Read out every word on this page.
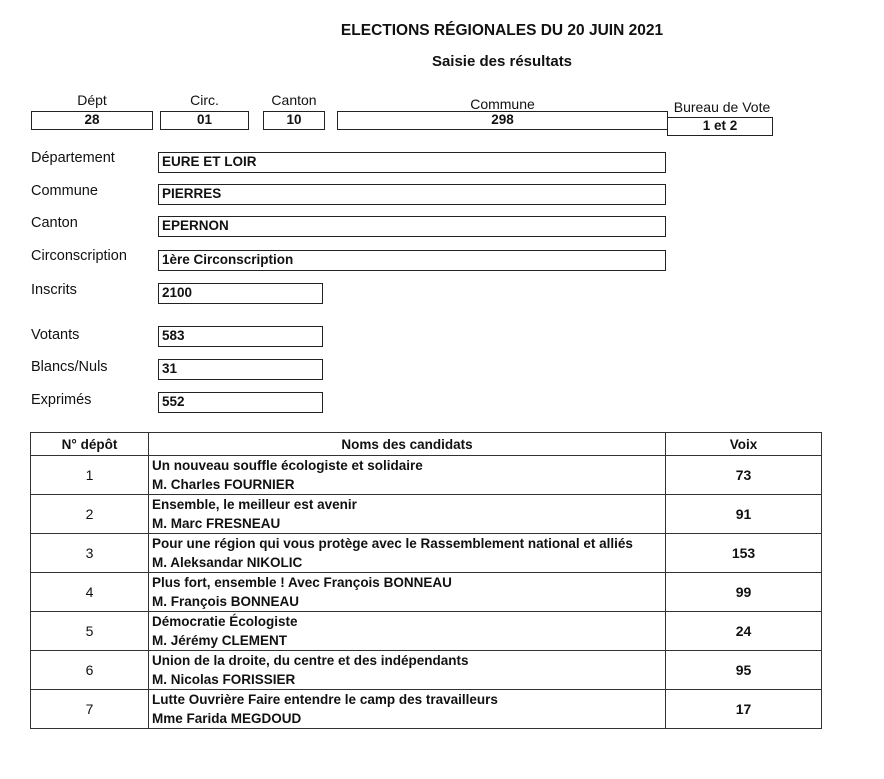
ELECTIONS RÉGIONALES DU 20 JUIN 2021
Saisie des résultats
Dépt
28
Circ.
01
Canton
10
Commune
298
Bureau de Vote
1 et 2
Département	EURE ET LOIR
Commune	PIERRES
Canton	EPERNON
Circonscription	1ère Circonscription
Inscrits	2100
Votants	583
Blancs/Nuls	31
Exprimés	552
N° dépôt	Noms des candidats	Voix
1	Un nouveau souffle écologiste et solidaire
M. Charles FOURNIER	73
2	Ensemble, le meilleur est avenir
M. Marc FRESNEAU	91
3	Pour une région qui vous protège avec le Rassemblement national et alliés
M. Aleksandar NIKOLIC	153
4	Plus fort, ensemble ! Avec François BONNEAU
M. François BONNEAU	99
5	Démocratie Écologiste
M. Jérémy CLEMENT	24
6	Union de la droite, du centre et des indépendants
M. Nicolas FORISSIER	95
7	Lutte Ouvrière Faire entendre le camp des travailleurs
Mme Farida MEGDOUD	17
